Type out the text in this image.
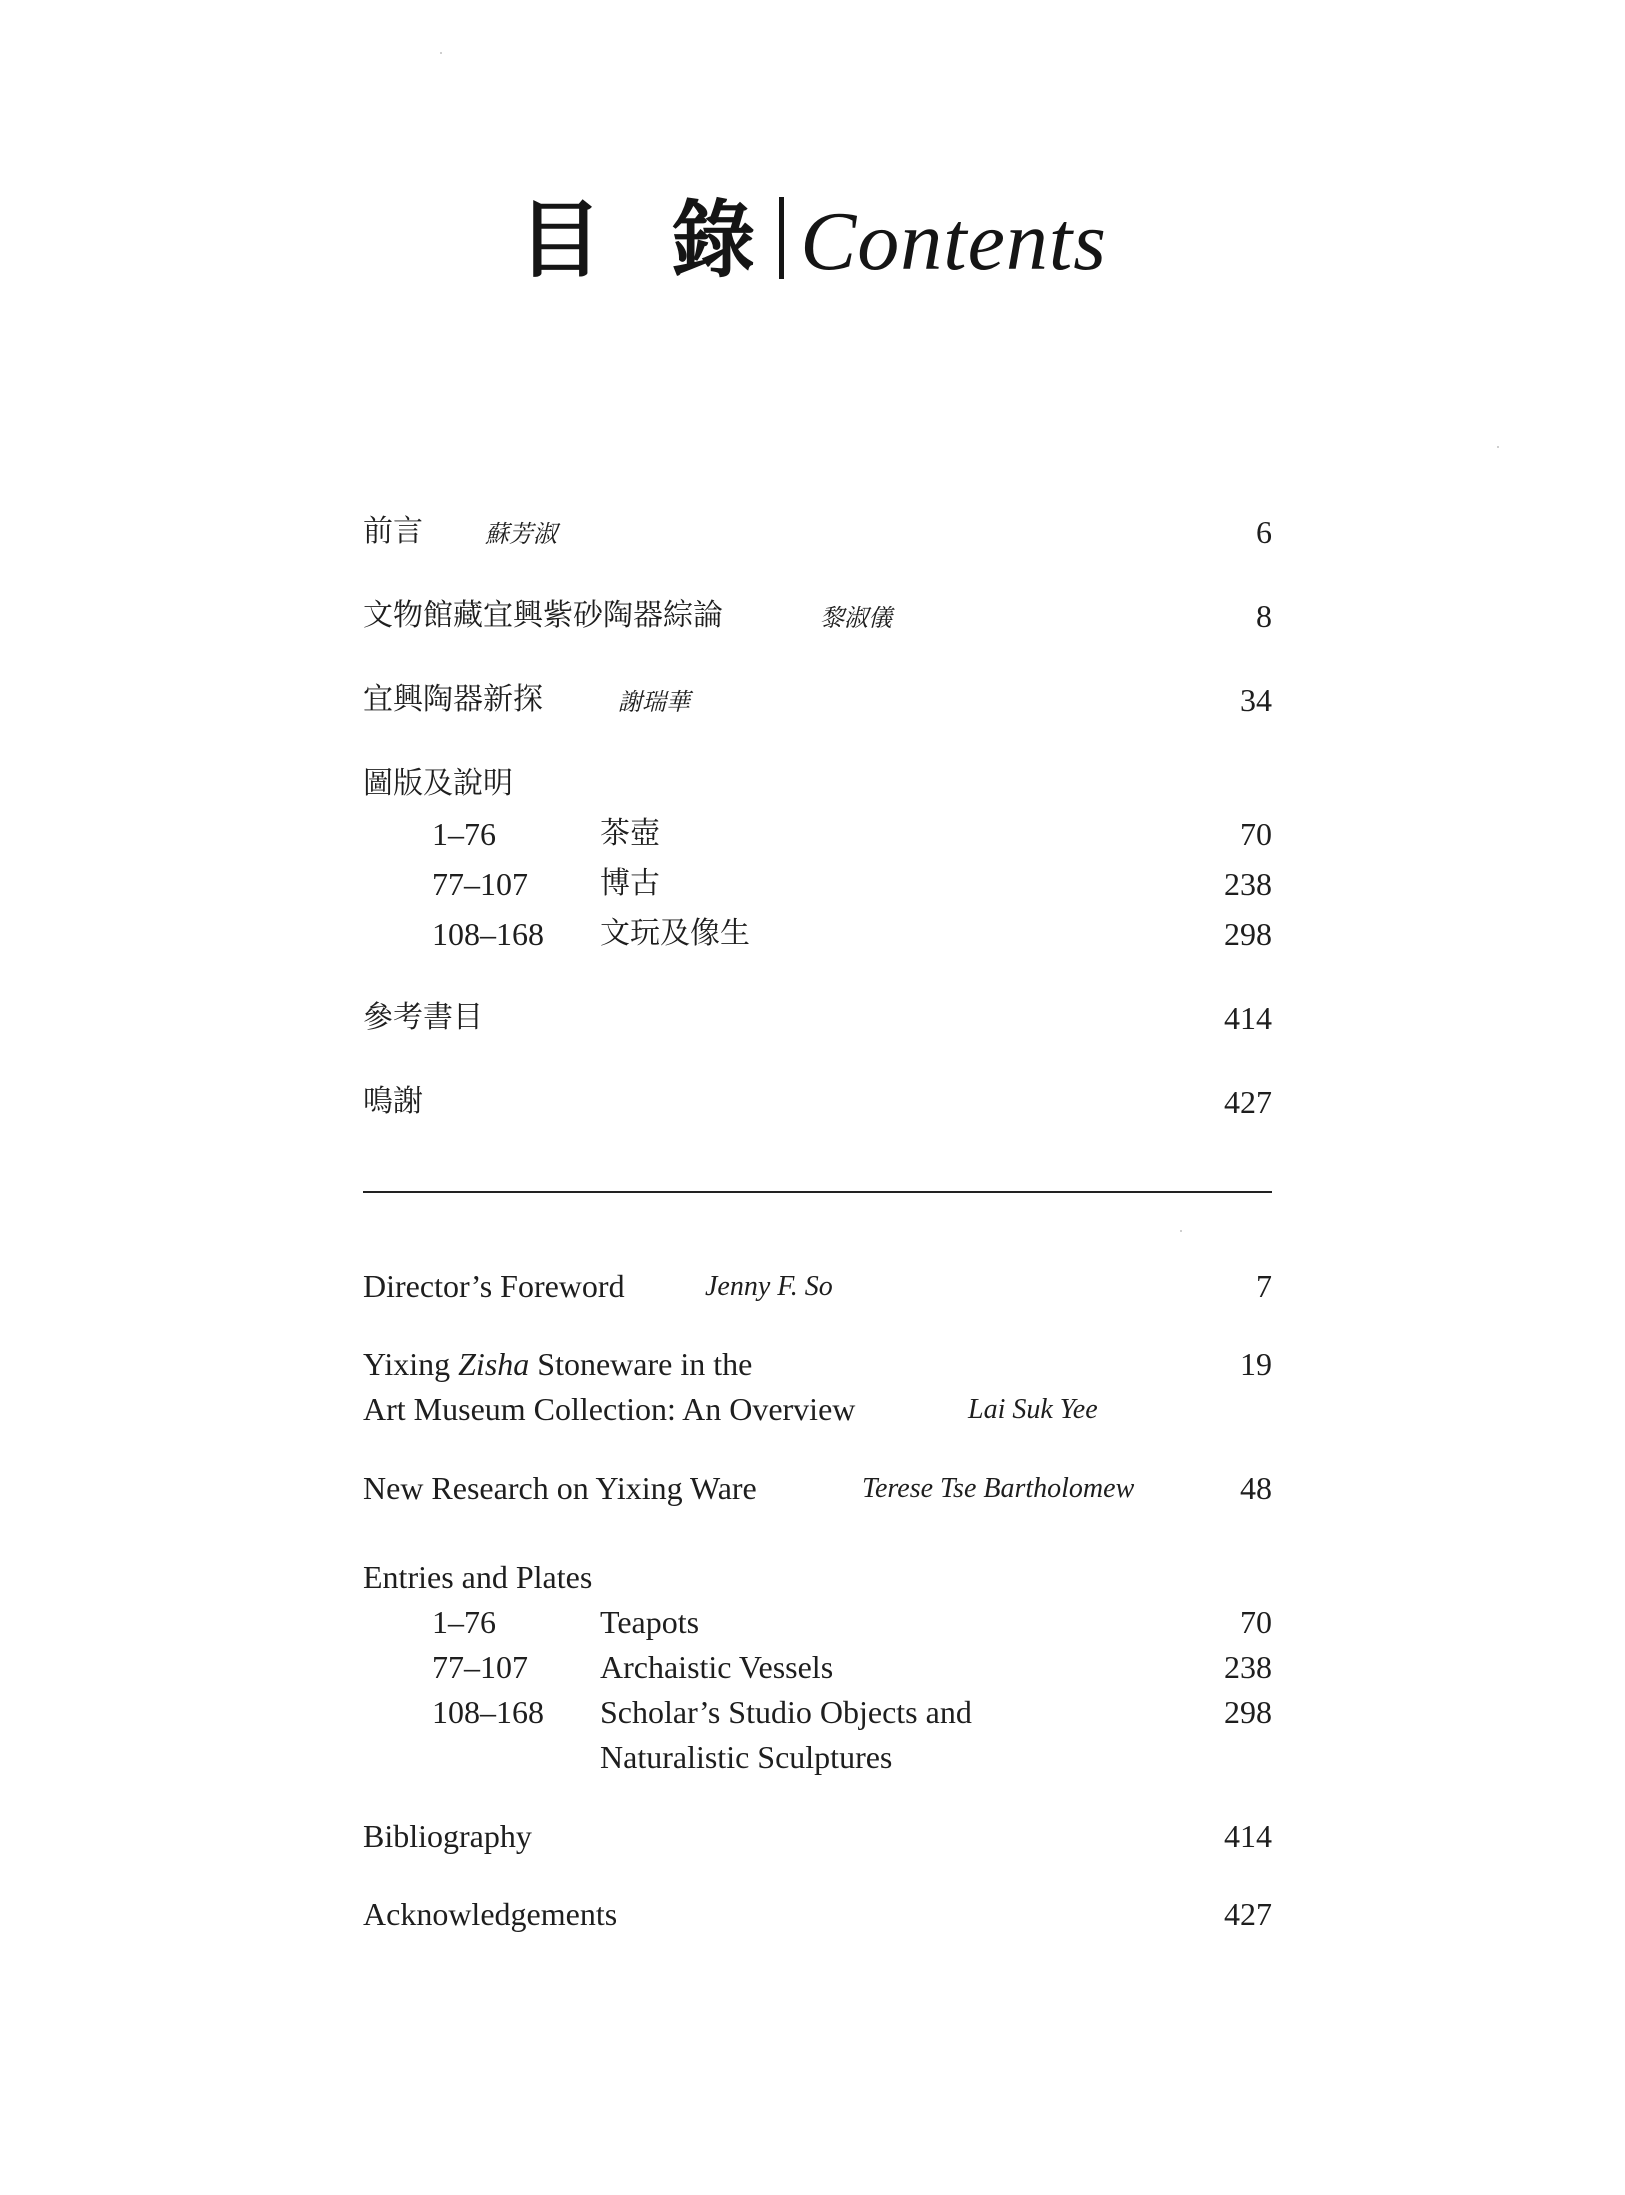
目 錄 Contents
前言	蘇芳淑	6
文物館藏宜興紫砂陶器綜論	黎淑儀	8
宜興陶器新探	謝瑞華	34
圖版及說明
1–76	茶壺	70
77–107 博古	238
108–168 文玩及像生	298
參考書目	414
鳴謝	427
Director’s Foreword	Jenny F. So	7
Yixing Zisha Stoneware in the	19
Art Museum Collection: An Overview	Lai Suk Yee
New Research on Yixing Ware	Terese Tse Bartholomew	48
Entries and Plates
1–76	Teapots	70
77–107 Archaistic Vessels	238
108–168 Scholar’s Studio Objects and	298
Naturalistic Sculptures
Bibliography	414
Acknowledgements	427
